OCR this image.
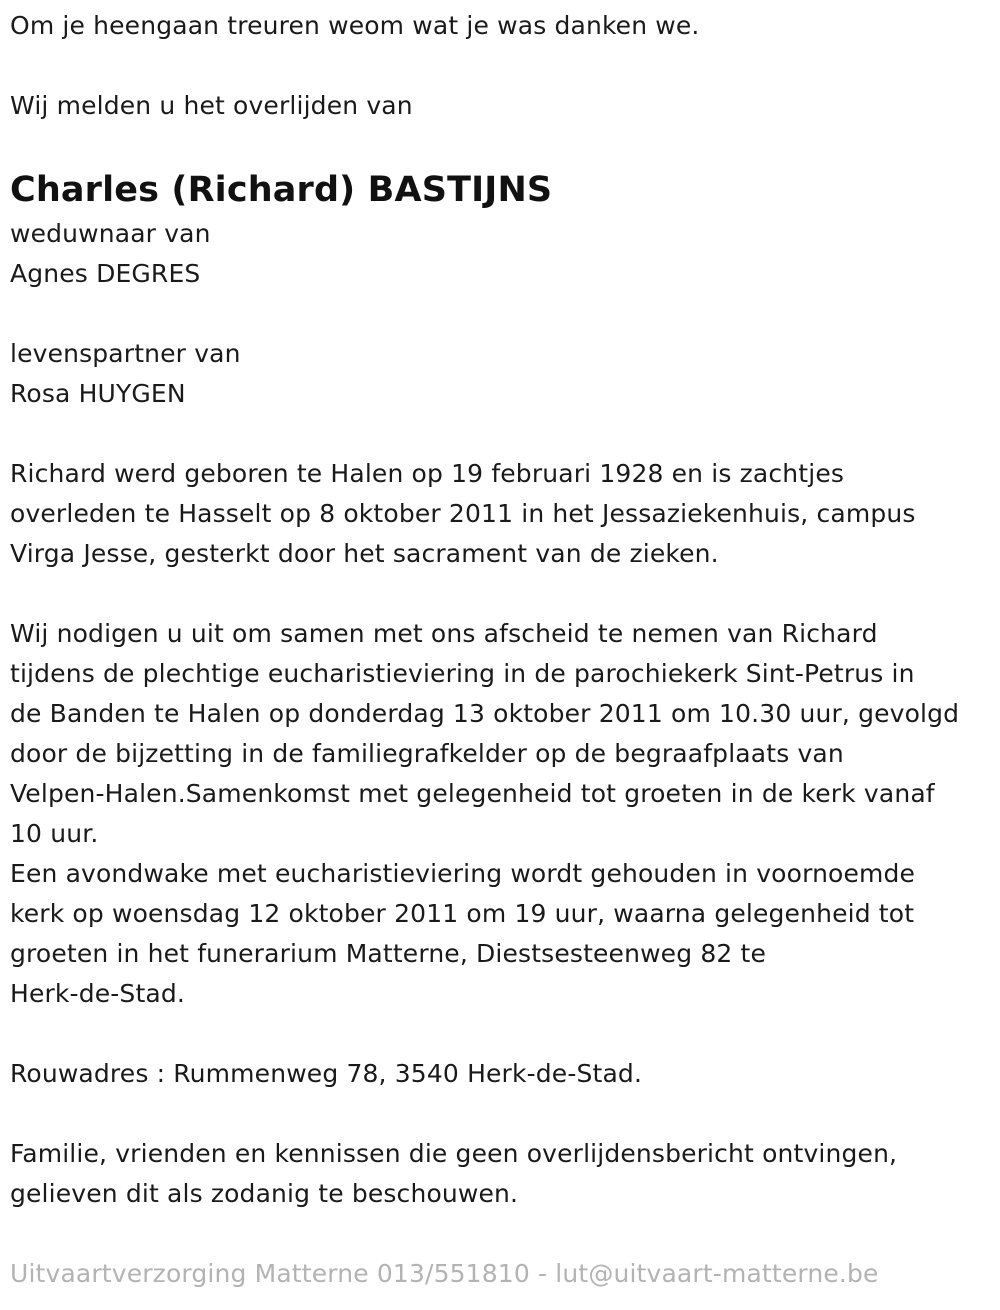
Om je heengaan treuren weom wat je was danken we.

Wij melden u het overlijden van

Charles (Richard) BASTIJNS

weduwnaar van

Agnes DEGRES

levenspartner van

Rosa HUYGEN

Richard werd geboren te Halen op 19 februari 1928 en is zachtjes

overleden te Hasselt op 8 oktober 2011 in het Jessaziekenhuis, campus

Virga Jesse, gesterkt door het sacrament van de zieken.

Wij nodigen u uit om samen met ons afscheid te nemen van Richard

tijdens de plechtige eucharistieviering in de parochiekerk Sint-Petrus in

de Banden te Halen op donderdag 13 oktober 2011 om 10.30 uur, gevolgd

door de bijzetting in de familiegrafkelder op de begraafplaats van

Velpen-Halen.Samenkomst met gelegenheid tot groeten in de kerk vanaf

10 uur.

Een avondwake met eucharistieviering wordt gehouden in voornoemde

kerk op woensdag 12 oktober 2011 om 19 uur, waarna gelegenheid tot

groeten in het funerarium Matterne, Diestsesteenweg 82 te

Herk-de-Stad.

Rouwadres : Rummenweg 78, 3540 Herk-de-Stad.

Familie, vrienden en kennissen die geen overlijdensbericht ontvingen,

gelieven dit als zodanig te beschouwen.

Uitvaartverzorging Matterne 013/551810 - lut@uitvaart-matterne.be
